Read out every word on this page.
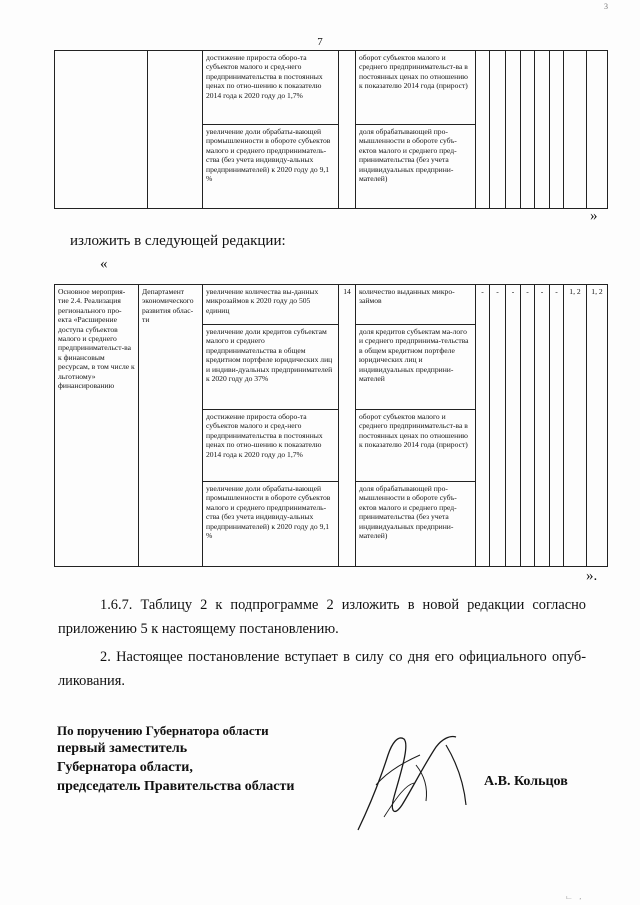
3
7
		достижение прироста оборо-та субъектов малого и сред-него предпринимательства в постоянных ценах по отно-шению к показателю 2014 года к 2020 году до 1,7%		оборот субъектов малого и среднего предпринимательст-ва в постоянных ценах по отношению к показателю 2014 года (прирост)								
		увеличение доли обрабаты-вающей промышленности в обороте субъектов малого и среднего предприниматель-ства (без учета индивиду-альных предпринимателей) к 2020 году до 9,1 %		доля обрабатывающей про-мышленности в обороте субъ-ектов малого и среднего пред-принимательства (без учета индивидуальных предприни-мателей)								
»
изложить в следующей редакции:
«
Основное мероприя-тие 2.4. Реализация регионального про-екта «Расширение доступа субъектов малого и среднего предпринимательст-ва к финансовым ресурсам, в том числе к льготному» финансированию	Департамент экономического развития облас-ти	увеличение количества вы-данных микрозаймов к 2020 году до 505 единиц	14	количество выданных микро-займов	-	-	-	-	-	-	1, 2	1, 2
		увеличение доли кредитов субъектам малого и среднего предпринимательства в общем кредитном портфеле юридических лиц и индиви-дуальных предпринимателей к 2020 году до 37%		доля кредитов субъектам ма-лого и среднего предпринима-тельства в общем кредитном портфеле юридических лиц и индивидуальных предприни-мателей								
		достижение прироста оборо-та субъектов малого и сред-него предпринимательства в постоянных ценах по отно-шению к показателю 2014 года к 2020 году до 1,7%		оборот субъектов малого и среднего предпринимательст-ва в постоянных ценах по отношению к показателю 2014 года (прирост)								
		увеличение доли обрабаты-вающей промышленности в обороте субъектов малого и среднего предприниматель-ства (без учета индивиду-альных предпринимателей) к 2020 году до 9,1 %		доля обрабатывающей про-мышленности в обороте субъ-ектов малого и среднего пред-принимательства (без учета индивидуальных предприни-мателей)								
».
1.6.7. Таблицу 2 к подпрограмме 2 изложить в новой редакции согласно приложению 5 к настоящему постановлению.
2. Настоящее постановление вступает в силу со дня его официального опуб-ликования.
По поручению Губернатора области
первый заместитель
Губернатора области,
председатель Правительства области	А.В. Кольцов
ட ,
